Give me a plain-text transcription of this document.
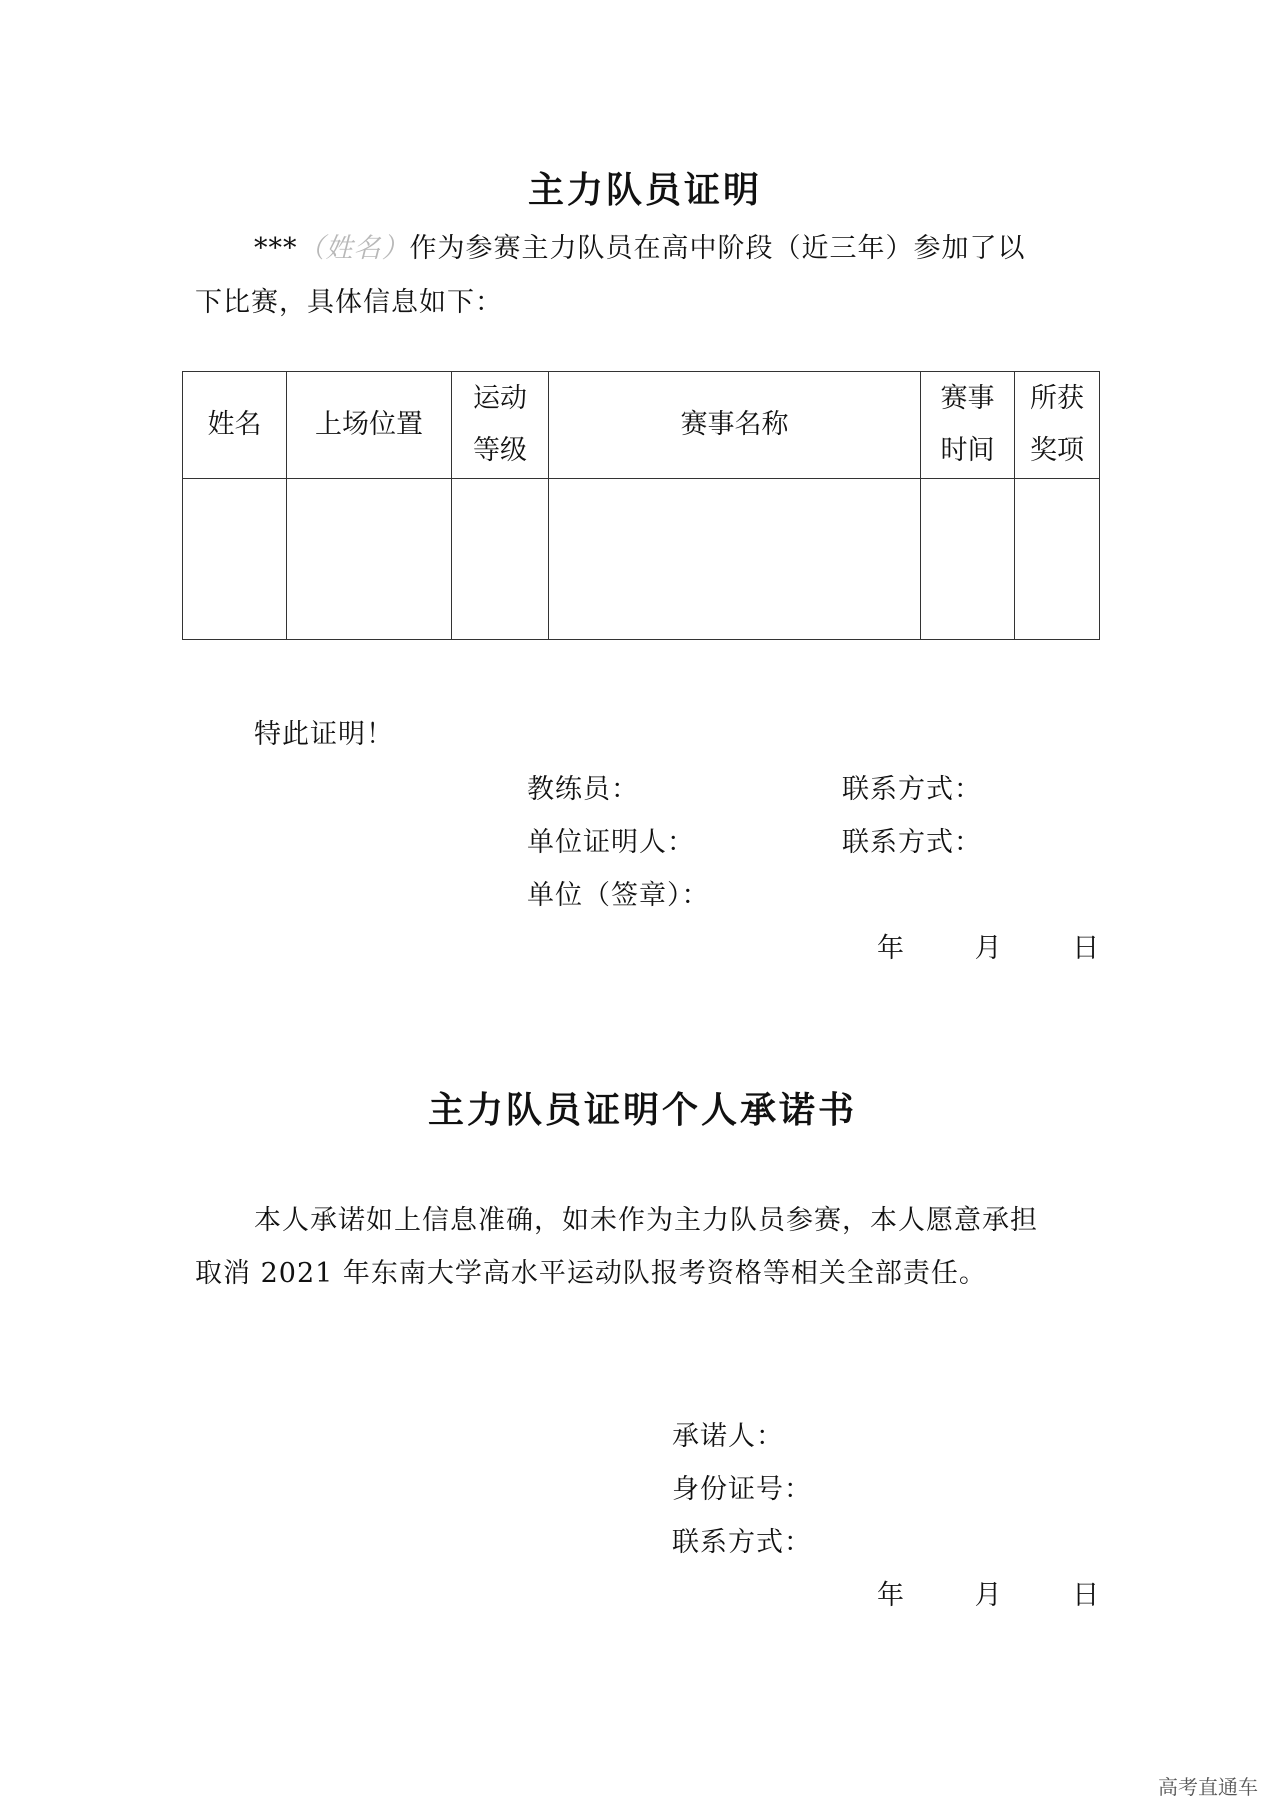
主力队员证明
***（姓名）作为参赛主力队员在高中阶段（近三年）参加了以
下比赛，具体信息如下：
姓名	上场位置	运动等级	赛事名称	赛事时间	所获奖项

特此证明！
教练员：	联系方式：
单位证明人：	联系方式：
单位（签章）：
年	月	日
主力队员证明个人承诺书
本人承诺如上信息准确，如未作为主力队员参赛，本人愿意承担
取消 2021 年东南大学高水平运动队报考资格等相关全部责任。
承诺人：
身份证号：
联系方式：
年	月	日
高考直通车
